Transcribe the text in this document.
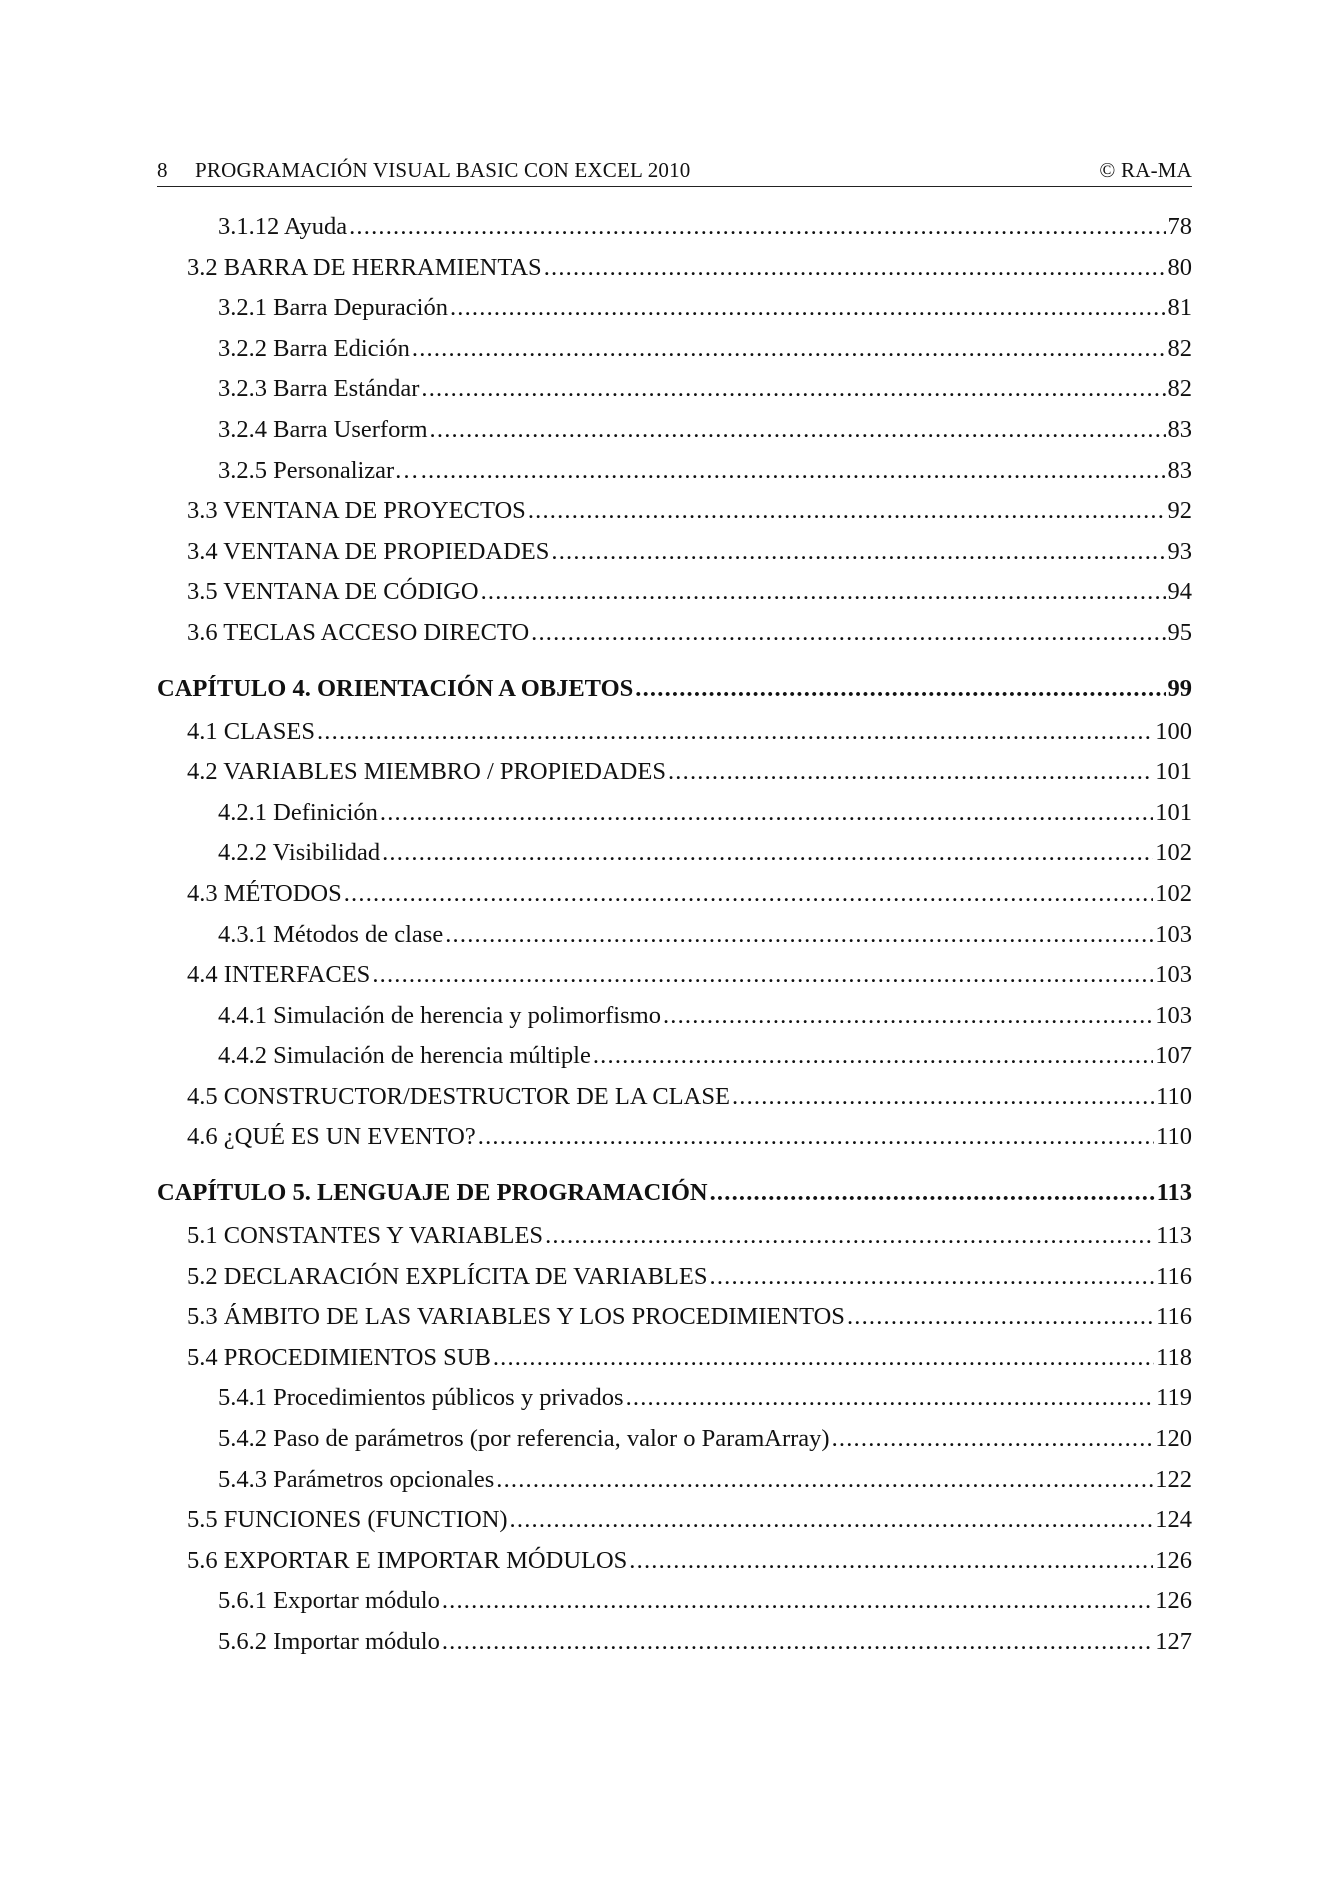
8 PROGRAMACIÓN VISUAL BASIC CON EXCEL 2010	© RA-MA
3.1.12 Ayuda .....	78
3.2 BARRA DE HERRAMIENTAS .....	80
3.2.1 Barra Depuración .....	81
3.2.2 Barra Edición .....	82
3.2.3 Barra Estándar .....	82
3.2.4 Barra Userform .....	83
3.2.5 Personalizar… .....	83
3.3 VENTANA DE PROYECTOS .....	92
3.4 VENTANA DE PROPIEDADES .....	93
3.5 VENTANA DE CÓDIGO .....	94
3.6 TECLAS ACCESO DIRECTO .....	95
CAPÍTULO 4. ORIENTACIÓN A OBJETOS .....	99
4.1 CLASES .....	100
4.2 VARIABLES MIEMBRO / PROPIEDADES .....	101
4.2.1 Definición .....	101
4.2.2 Visibilidad .....	102
4.3 MÉTODOS .....	102
4.3.1 Métodos de clase .....	103
4.4 INTERFACES .....	103
4.4.1 Simulación de herencia y polimorfismo .....	103
4.4.2 Simulación de herencia múltiple .....	107
4.5 CONSTRUCTOR/DESTRUCTOR DE LA CLASE .....	110
4.6 ¿QUÉ ES UN EVENTO? .....	110
CAPÍTULO 5. LENGUAJE DE PROGRAMACIÓN .....	113
5.1 CONSTANTES Y VARIABLES .....	113
5.2 DECLARACIÓN EXPLÍCITA DE VARIABLES .....	116
5.3 ÁMBITO DE LAS VARIABLES Y LOS PROCEDIMIENTOS .....	116
5.4 PROCEDIMIENTOS SUB .....	118
5.4.1 Procedimientos públicos y privados .....	119
5.4.2 Paso de parámetros (por referencia, valor o ParamArray) .....	120
5.4.3 Parámetros opcionales .....	122
5.5 FUNCIONES (FUNCTION) .....	124
5.6 EXPORTAR E IMPORTAR MÓDULOS .....	126
5.6.1 Exportar módulo .....	126
5.6.2 Importar módulo .....	127
